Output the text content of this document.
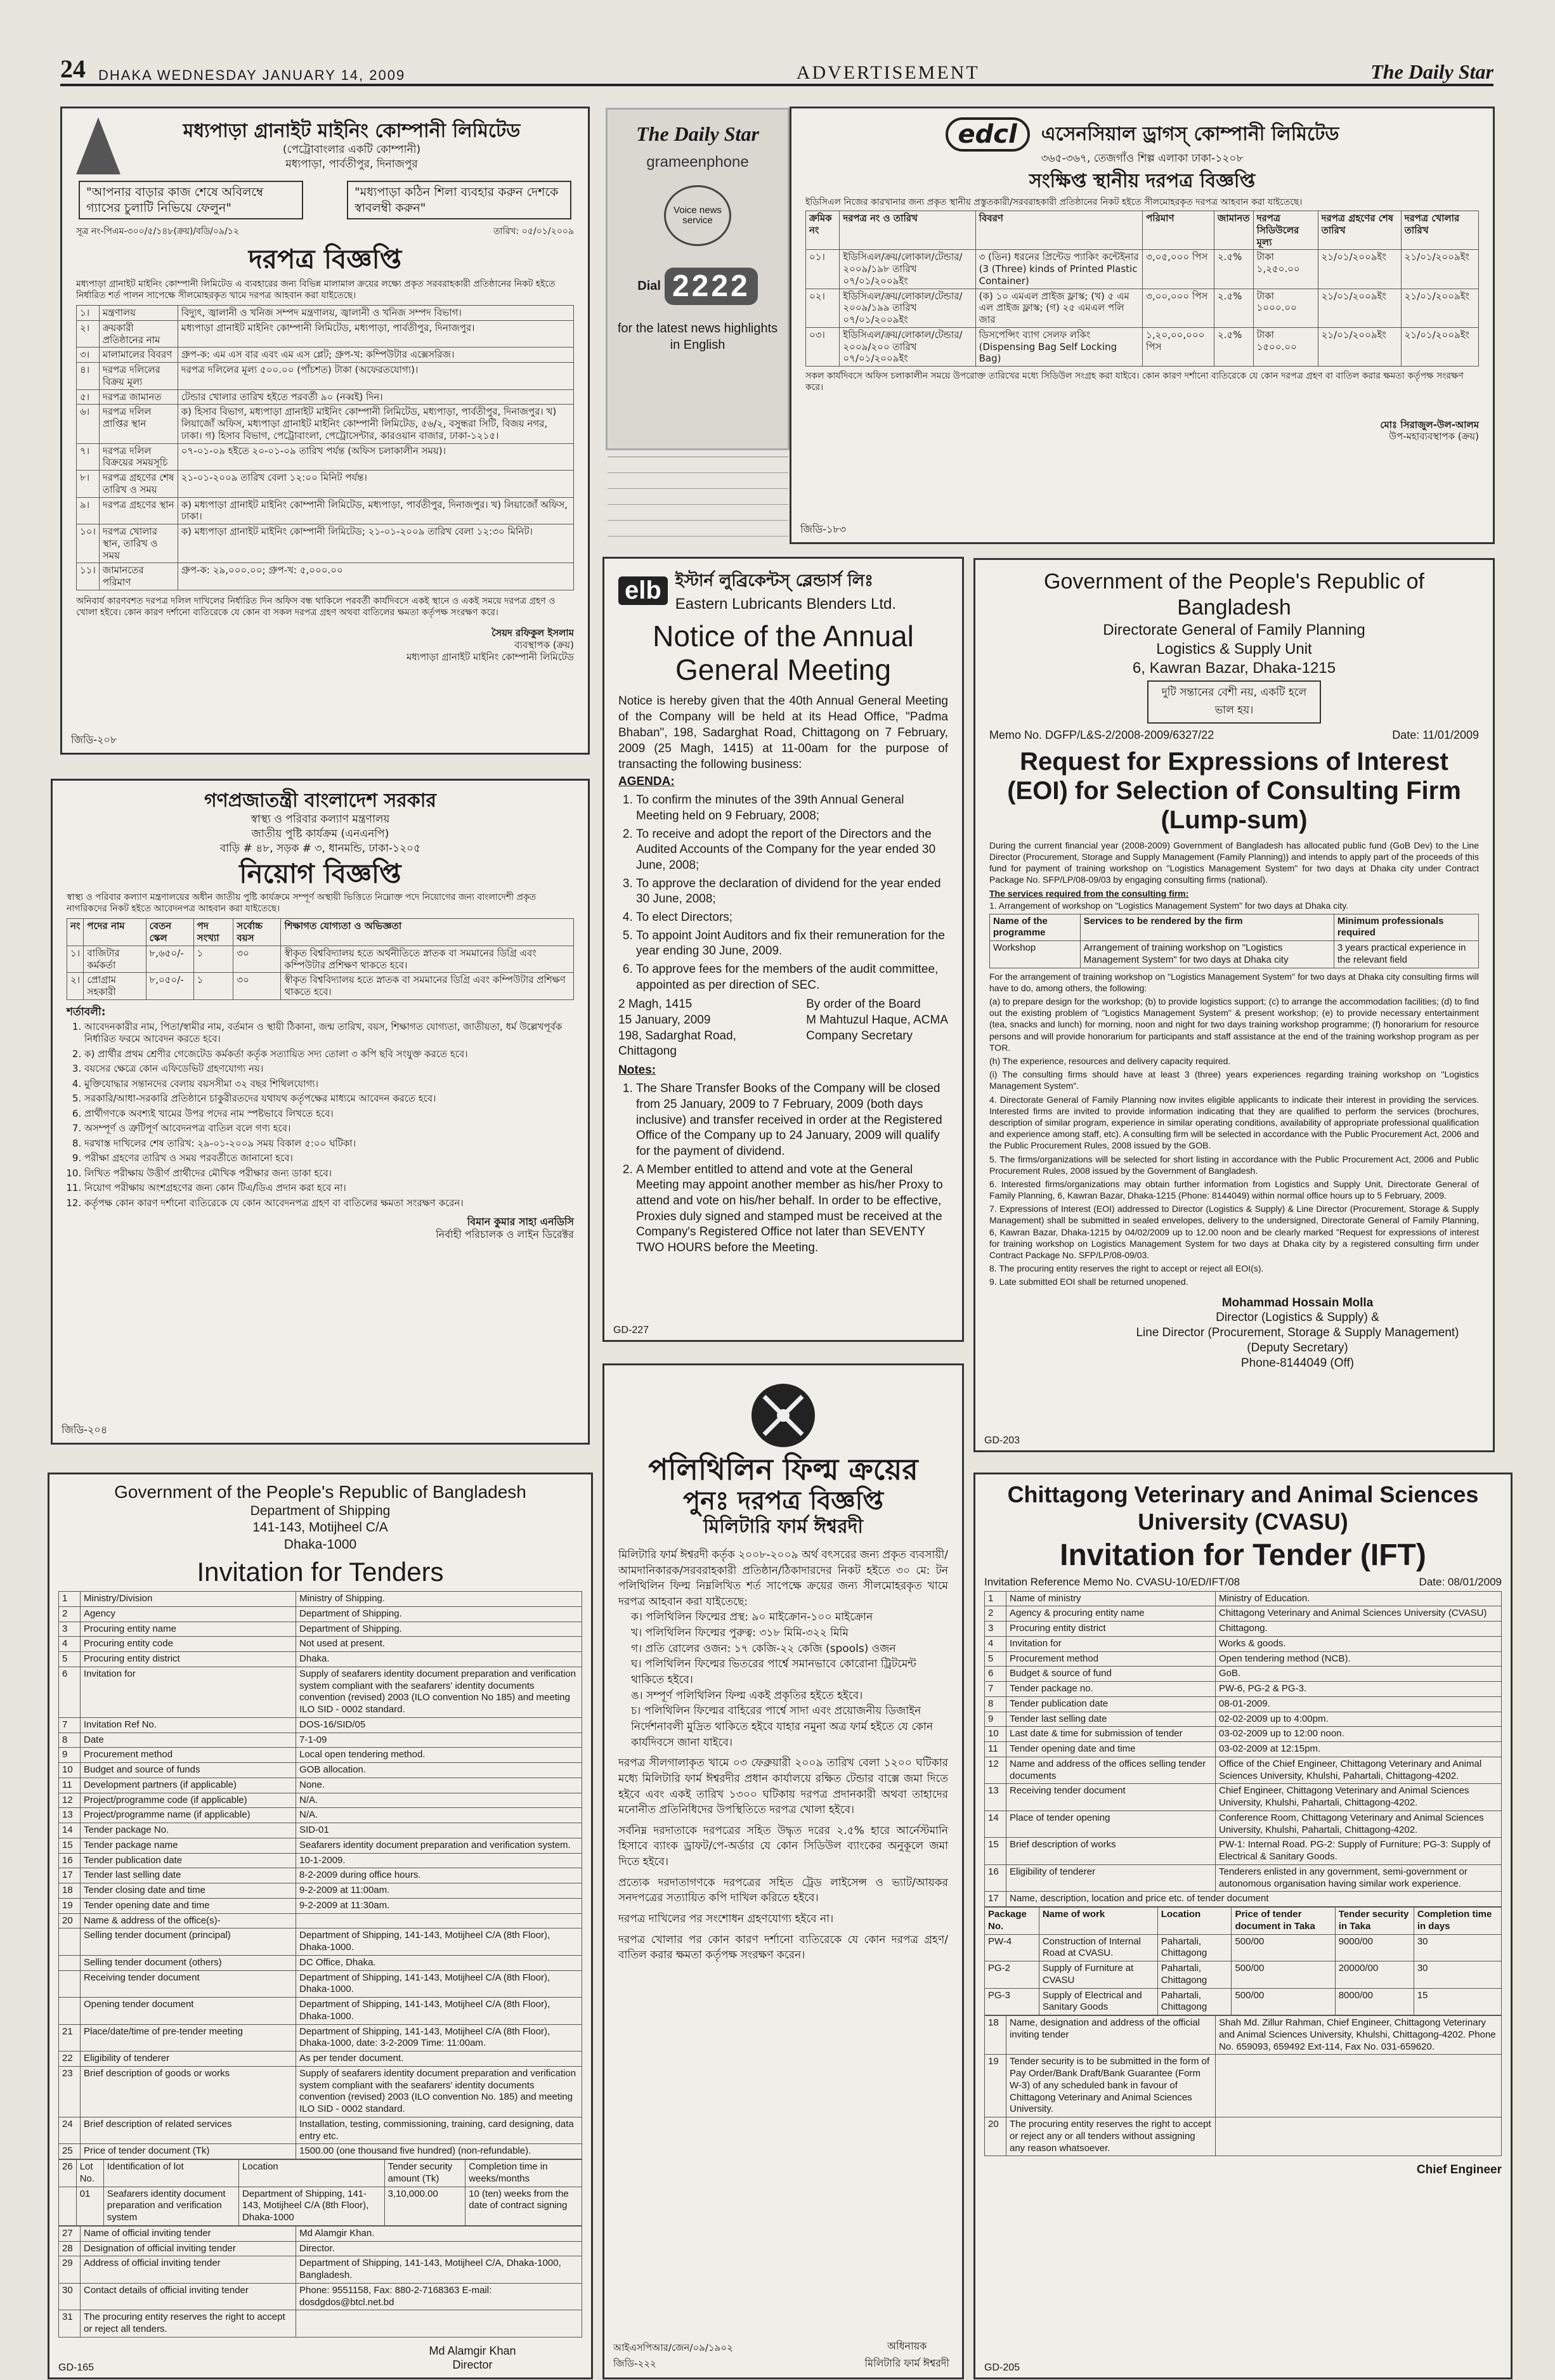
24 DHAKA WEDNESDAY JANUARY 14, 2009	ADVERTISEMENT	The Daily Star
মধ্যপাড়া গ্রানাইট মাইনিং কোম্পানী লিমিটেড
(পেট্রোবাংলার একটি কোম্পানী)
মধ্যপাড়া, পার্বতীপুর, দিনাজপুর
"আপনার বাড়ার কাজ শেষে অবিলম্বে গ্যাসের চুলাটি নিভিয়ে ফেলুন"
"মধ্যপাড়া কঠিন শিলা ব্যবহার করুন দেশকে স্বাবলম্বী করুন"
সূত্র নং-পিএম-৩০০/৫/১৪৮(ক্রয়)/বডি/০৯/১২	তারিখ: ০৫/০১/২০০৯
দরপত্র বিজ্ঞপ্তি
মধ্যপাড়া গ্রানাইট মাইনিং কোম্পানী লিমিটেড এ ব্যবহারের জন্য বিভিন্ন মালামাল ক্রয়ের লক্ষ্যে প্রকৃত সরবরাহকারী প্রতিষ্ঠানের নিকট হইতে নির্ধারিত শর্ত পালন সাপেক্ষে সীলমোহরকৃত খামে দরপত্র আহবান করা যাইতেছে।
১।	মন্ত্রণালয়	বিদ্যুৎ, জ্বালানী ও খনিজ সম্পদ মন্ত্রণালয়, জ্বালানী ও খনিজ সম্পদ বিভাগ।
২।	ক্রয়কারী প্রতিষ্ঠানের নাম	মধ্যপাড়া গ্রানাইট মাইনিং কোম্পানী লিমিটেড, মধ্যপাড়া, পার্বতীপুর, দিনাজপুর।
৩।	মালামালের বিবরণ	গ্রুপ-ক: এম এস বার এবং এম এস প্লেট; গ্রুপ-খ: কম্পিউটার এক্সেসরিজ।
৪।	দরপত্র দলিলের বিক্রয় মূল্য	দরপত্র দলিলের মূল্য ৫০০.০০ (পাঁচশত) টাকা (অফেরতযোগ্য)।
৫।	দরপত্র জামানত	টেন্ডার খোলার তারিখ হইতে পরবর্তী ৯০ (নব্বই) দিন।
৬।	দরপত্র দলিল প্রাপ্তির স্থান	ক) হিসাব বিভাগ, মধ্যপাড়া গ্রানাইট মাইনিং কোম্পানী লিমিটেড, মধ্যপাড়া, পার্বতীপুর, দিনাজপুর। খ) লিয়াজোঁ অফিস, মধ্যপাড়া গ্রানাইট মাইনিং কোম্পানী লিমিটেড, ৫৬/২, বসুন্ধরা সিটি, বিজয় নগর, ঢাকা। গ) হিসাব বিভাগ, পেট্রোবাংলা, পেট্রোসেন্টার, কারওয়ান বাজার, ঢাকা-১২১৫।
৭।	দরপত্র দলিল বিক্রয়ের সময়সূচি	০৭-০১-০৯ হইতে ২০-০১-০৯ তারিখ পর্যন্ত (অফিস চলাকালীন সময়)।
৮।	দরপত্র গ্রহণের শেষ তারিখ ও সময়	২১-০১-২০০৯ তারিখ বেলা ১২:০০ মিনিট পর্যন্ত।
৯।	দরপত্র গ্রহণের স্থান	ক) মধ্যপাড়া গ্রানাইট মাইনিং কোম্পানী লিমিটেড, মধ্যপাড়া, পার্বতীপুর, দিনাজপুর। খ) লিয়াজোঁ অফিস, ঢাকা।
১০।	দরপত্র খোলার স্থান, তারিখ ও সময়	ক) মধ্যপাড়া গ্রানাইট মাইনিং কোম্পানী লিমিটেড; ২১-০১-২০০৯ তারিখ বেলা ১২:৩০ মিনিট।
১১।	জামানতের পরিমাণ	গ্রুপ-ক: ২৯,০০০.০০; গ্রুপ-খ: ৫,০০০.০০
অনিবার্য কারণবশত দরপত্র দলিল দাখিলের নির্ধারিত দিন অফিস বন্ধ থাকিলে পরবর্তী কার্যদিবসে একই স্থানে ও একই সময়ে দরপত্র গ্রহণ ও খোলা হইবে। কোন কারণ দর্শানো ব্যতিরেকে যে কোন বা সকল দরপত্র গ্রহণ অথবা বাতিলের ক্ষমতা কর্তৃপক্ষ সংরক্ষণ করে।
সৈয়দ রফিকুল ইসলাম
ব্যবস্থাপক (ক্রয়)
মধ্যপাড়া গ্রানাইট মাইনিং কোম্পানী লিমিটেড
জিডি-২০৮
The Daily Star
grameenphone
Voice news service
Dial 2222
for the latest news highlights in English
edcl	এসেনসিয়াল ড্রাগস্ কোম্পানী লিমিটেড
৩৬৫-৩৬৭, তেজগাঁও শিল্প এলাকা ঢাকা-১২০৮
সংক্ষিপ্ত স্থানীয় দরপত্র বিজ্ঞপ্তি
ইডিসিএল নিজের কারখানার জন্য প্রকৃত স্থানীয় প্রস্তুতকারী/সরবরাহকারী প্রতিষ্ঠানের নিকট হইতে সীলমোহরকৃত দরপত্র আহবান করা যাইতেছে।
ক্রমিক নং	দরপত্র নং ও তারিখ	বিবরণ	পরিমাণ	জামানত	দরপত্র সিডিউলের মূল্য	দরপত্র গ্রহণের শেষ তারিখ	দরপত্র খোলার তারিখ
০১।	ইডিসিএল/ক্রয়/লোকাল/টেন্ডার/২০০৯/১৯৮ তারিখ ০৭/০১/২০০৯ইং	৩ (তিন) ধরনের প্রিন্টেড প্যাকিং কন্টেইনার (3 (Three) kinds of Printed Plastic Container)	৩,০৫,০০০ পিস	২.৫%	টাকা ১,২৫০.০০	২১/০১/২০০৯ইং	২১/০১/২০০৯ইং
০২।	ইডিসিএল/ক্রয়/লোকাল/টেন্ডার/২০০৯/১৯৯ তারিখ ০৭/০১/২০০৯ইং	(ক) ১০ এমএল প্রাইজ ফ্লাস্ক; (খ) ৫ এম এল প্রাইজ ফ্লাস্ক; (গ) ২৫ এমএল পলি জার	৩,০০,০০০ পিস	২.৫%	টাকা ১০০০.০০	২১/০১/২০০৯ইং	২১/০১/২০০৯ইং
০৩।	ইডিসিএল/ক্রয়/লোকাল/টেন্ডার/২০০৯/২০০ তারিখ ০৭/০১/২০০৯ইং	ডিসপেন্সিং ব্যাগ সেলফ লকিং (Dispensing Bag Self Locking Bag)	১,২০,০০,০০০ পিস	২.৫%	টাকা ১৫০০.০০	২১/০১/২০০৯ইং	২১/০১/২০০৯ইং
সকল কার্যদিবসে অফিস চলাকালীন সময়ে উপরোক্ত তারিখের মধ্যে সিডিউল সংগ্রহ করা যাইবে। কোন কারণ দর্শানো ব্যতিরেকে যে কোন দরপত্র গ্রহণ বা বাতিল করার ক্ষমতা কর্তৃপক্ষ সংরক্ষণ করে।
মোঃ সিরাজুল-উল-আলম
উপ-মহাব্যবস্থাপক (ক্রয়)
জিডি-১৮৩
গণপ্রজাতন্ত্রী বাংলাদেশ সরকার
স্বাস্থ্য ও পরিবার কল্যাণ মন্ত্রণালয়
জাতীয় পুষ্টি কার্যক্রম (এনএনপি)
বাড়ি # ৪৮, সড়ক # ৩, ধানমন্ডি, ঢাকা-১২০৫
নিয়োগ বিজ্ঞপ্তি
স্বাস্থ্য ও পরিবার কল্যাণ মন্ত্রণালয়ের অধীন জাতীয় পুষ্টি কার্যক্রমে সম্পূর্ণ অস্থায়ী ভিত্তিতে নিম্নোক্ত পদে নিয়োগের জন্য বাংলাদেশী প্রকৃত নাগরিকদের নিকট হইতে আবেদনপত্র আহবান করা যাইতেছে।
নং	পদের নাম	বেতন স্কেল	পদ সংখ্যা	সর্বোচ্চ বয়স	শিক্ষাগত যোগ্যতা ও অভিজ্ঞতা
১।	বাজিটার কর্মকর্তা	৮,৬৫০/-	১	৩০	স্বীকৃত বিশ্ববিদ্যালয় হতে অর্থনীতিতে স্নাতক বা সমমানের ডিগ্রি এবং কম্পিউটার প্রশিক্ষণ থাকতে হবে।
২।	প্রোগ্রাম সহকারী	৮,০৫০/-	১	৩০	স্বীকৃত বিশ্ববিদ্যালয় হতে স্নাতক বা সমমানের ডিগ্রি এবং কম্পিউটার প্রশিক্ষণ থাকতে হবে।
শর্তাবলী:
1. আবেদনকারীর নাম, পিতা/স্বামীর নাম, বর্তমান ও স্থায়ী ঠিকানা, জন্ম তারিখ, বয়স, শিক্ষাগত যোগ্যতা, জাতীয়তা, ধর্ম উল্লেখপূর্বক নির্ধারিত ফরমে আবেদন করতে হবে।
2. ক) প্রার্থীর প্রথম শ্রেণীর গেজেটেড কর্মকর্তা কর্তৃক সত্যায়িত সদ্য তোলা ৩ কপি ছবি সংযুক্ত করতে হবে।
3. বয়সের ক্ষেত্রে কোন এফিডেভিট গ্রহণযোগ্য নয়।
4. মুক্তিযোদ্ধার সন্তানদের বেলায় বয়সসীমা ৩২ বছর শিথিলযোগ্য।
5. সরকারি/আধা-সরকারি প্রতিষ্ঠানে চাকুরীরতদের যথাযথ কর্তৃপক্ষের মাধ্যমে আবেদন করতে হবে।
6. প্রার্থীগণকে অবশ্যই খামের উপর পদের নাম স্পষ্টভাবে লিখতে হবে।
7. অসম্পূর্ণ ও ত্রুটিপূর্ণ আবেদনপত্র বাতিল বলে গণ্য হবে।
8. দরখাস্ত দাখিলের শেষ তারিখ: ২৯-০১-২০০৯ সময় বিকাল ৫:০০ ঘটিকা।
9. পরীক্ষা গ্রহণের তারিখ ও সময় পরবর্তীতে জানানো হবে।
10. লিখিত পরীক্ষায় উত্তীর্ণ প্রার্থীদের মৌখিক পরীক্ষার জন্য ডাকা হবে।
11. নিয়োগ পরীক্ষায় অংশগ্রহণের জন্য কোন টিএ/ডিএ প্রদান করা হবে না।
12. কর্তৃপক্ষ কোন কারণ দর্শানো ব্যতিরেকে যে কোন আবেদনপত্র গ্রহণ বা বাতিলের ক্ষমতা সংরক্ষণ করেন।
বিমান কুমার সাহা এনডিসি
নির্বাহী পরিচালক ও লাইন ডিরেক্টর
জিডি-২০৪
elb ইস্টার্ন লুব্রিকেন্টস্ ব্লেন্ডার্স লিঃ
Eastern Lubricants Blenders Ltd.
Notice of the Annual General Meeting
Notice is hereby given that the 40th Annual General Meeting of the Company will be held at its Head Office, "Padma Bhaban", 198, Sadarghat Road, Chittagong on 7 February, 2009 (25 Magh, 1415) at 11-00am for the purpose of transacting the following business:
AGENDA:
1. To confirm the minutes of the 39th Annual General Meeting held on 9 February, 2008;
2. To receive and adopt the report of the Directors and the Audited Accounts of the Company for the year ended 30 June, 2008;
3. To approve the declaration of dividend for the year ended 30 June, 2008;
4. To elect Directors;
5. To appoint Joint Auditors and fix their remuneration for the year ending 30 June, 2009.
6. To approve fees for the members of the audit committee, appointed as per direction of SEC.
2 Magh, 1415
15 January, 2009
198, Sadarghat Road,
Chittagong
By order of the Board
M Mahtuzul Haque, ACMA
Company Secretary
Notes:
1. The Share Transfer Books of the Company will be closed from 25 January, 2009 to 7 February, 2009 (both days inclusive) and transfer received in order at the Registered Office of the Company up to 24 January, 2009 will qualify for the payment of dividend.
2. A Member entitled to attend and vote at the General Meeting may appoint another member as his/her Proxy to attend and vote on his/her behalf. In order to be effective, Proxies duly signed and stamped must be received at the Company's Registered Office not later than SEVENTY TWO HOURS before the Meeting.
GD-227
Government of the People's Republic of Bangladesh
Directorate General of Family Planning
Logistics & Supply Unit
6, Kawran Bazar, Dhaka-1215
দুটি সন্তানের বেশী নয়, একটি হলে ভাল হয়।
Memo No. DGFP/L&S-2/2008-2009/6327/22	Date: 11/01/2009
Request for Expressions of Interest (EOI) for Selection of Consulting Firm (Lump-sum)
During the current financial year (2008-2009) Government of Bangladesh has allocated public fund (GoB Dev) to the Line Director (Procurement, Storage and Supply Management (Family Planning)) and intends to apply part of the proceeds of this fund for payment of training workshop on "Logistics Management System" for two days at Dhaka city under Contract Package No. SFP/LP/08-09/03 by engaging consulting firms (national).
The services required from the consulting firm:
1. Arrangement of workshop on "Logistics Management System" for two days at Dhaka city.
Name of the programme	Services to be rendered by the firm	Minimum professionals required
Workshop	Arrangement of training workshop on "Logistics Management System" for two days at Dhaka city	3 years practical experience in the relevant field
For the arrangement of training workshop on "Logistics Management System" for two days at Dhaka city consulting firms will have to do, among others, the following:
(a) to prepare design for the workshop; (b) to provide logistics support; (c) to arrange the accommodation facilities; (d) to find out the existing problem of "Logistics Management System" & present workshop; (e) to provide necessary entertainment (tea, snacks and lunch) for morning, noon and night for two days training workshop programme; (f) honorarium for resource persons and will provide honorarium for participants and staff assistance at the end of the training workshop program as per TOR.
(h) The experience, resources and delivery capacity required.
(i) The consulting firms should have at least 3 (three) years experiences regarding training workshop on "Logistics Management System".
4. Directorate General of Family Planning now invites eligible applicants to indicate their interest in providing the services. Interested firms are invited to provide information indicating that they are qualified to perform the services (brochures, description of similar program, experience in similar operating conditions, availability of appropriate professional qualification and experience among staff, etc). A consulting firm will be selected in accordance with the Public Procurement Act, 2006 and the Public Procurement Rules, 2008 issued by the GOB.
5. The firms/organizations will be selected for short listing in accordance with the Public Procurement Act, 2006 and Public Procurement Rules, 2008 issued by the Government of Bangladesh.
6. Interested firms/organizations may obtain further information from Logistics and Supply Unit, Directorate General of Family Planning, 6, Kawran Bazar, Dhaka-1215 (Phone: 8144049) within normal office hours up to 5 February, 2009.
7. Expressions of Interest (EOI) addressed to Director (Logistics & Supply) & Line Director (Procurement, Storage & Supply Management) shall be submitted in sealed envelopes, delivery to the undersigned, Directorate General of Family Planning, 6, Kawran Bazar, Dhaka-1215 by 04/02/2009 up to 12.00 noon and be clearly marked "Request for expressions of interest for training workshop on Logistics Management System for two days at Dhaka city by a registered consulting firm under Contract Package No. SFP/LP/08-09/03.
8. The procuring entity reserves the right to accept or reject all EOI(s).
9. Late submitted EOI shall be returned unopened.
Mohammad Hossain Molla
Director (Logistics & Supply) &
Line Director (Procurement, Storage & Supply Management)
(Deputy Secretary)
Phone-8144049 (Off)
GD-203
Government of the People's Republic of Bangladesh
Department of Shipping
141-143, Motijheel C/A
Dhaka-1000
Invitation for Tenders
1	Ministry/Division	Ministry of Shipping.
2	Agency	Department of Shipping.
3	Procuring entity name	Department of Shipping.
4	Procuring entity code	Not used at present.
5	Procuring entity district	Dhaka.
6	Invitation for	Supply of seafarers identity document preparation and verification system compliant with the seafarers' identity documents convention (revised) 2003 (ILO convention No 185) and meeting ILO SID - 0002 standard.
7	Invitation Ref No.	DOS-16/SID/05
8	Date	7-1-09
9	Procurement method	Local open tendering method.
10	Budget and source of funds	GOB allocation.
11	Development partners (if applicable)	None.
12	Project/programme code (if applicable)	N/A.
13	Project/programme name (if applicable)	N/A.
14	Tender package No.	SID-01
15	Tender package name	Seafarers identity document preparation and verification system.
16	Tender publication date	10-1-2009.
17	Tender last selling date	8-2-2009 during office hours.
18	Tender closing date and time	9-2-2009 at 11:00am.
19	Tender opening date and time	9-2-2009 at 11:30am.
20	Name & address of the office(s)-	
	Selling tender document (principal)	Department of Shipping, 141-143, Motijheel C/A (8th Floor), Dhaka-1000.
	Selling tender document (others)	DC Office, Dhaka.
	Receiving tender document	Department of Shipping, 141-143, Motijheel C/A (8th Floor), Dhaka-1000.
	Opening tender document	Department of Shipping, 141-143, Motijheel C/A (8th Floor), Dhaka-1000.
21	Place/date/time of pre-tender meeting	Department of Shipping, 141-143, Motijheel C/A (8th Floor), Dhaka-1000, date: 3-2-2009 Time: 11:00am.
22	Eligibility of tenderer	As per tender document.
23	Brief description of goods or works	Supply of seafarers identity document preparation and verification system compliant with the seafarers' identity documents convention (revised) 2003 (ILO convention No. 185) and meeting ILO SID - 0002 standard.
24	Brief description of related services	Installation, testing, commissioning, training, card designing, data entry etc.
25	Price of tender document (Tk)	1500.00 (one thousand five hundred) (non-refundable).
26	Lot No.	Identification of lot	Location	Tender security amount (Tk)	Completion time in weeks/months
	01	Seafarers identity document preparation and verification system	Department of Shipping, 141-143, Motijheel C/A (8th Floor), Dhaka-1000	3,10,000.00	10 (ten) weeks from the date of contract signing
27	Name of official inviting tender	Md Alamgir Khan.
28	Designation of official inviting tender	Director.
29	Address of official inviting tender	Department of Shipping, 141-143, Motijheel C/A, Dhaka-1000, Bangladesh.
30	Contact details of official inviting tender	Phone: 9551158, Fax: 880-2-7168363 E-mail: dosdgdos@btcl.net.bd
31	The procuring entity reserves the right to accept or reject all tenders.	
Md Alamgir Khan
Director
GD-165
পলিথিলিন ফিল্ম ক্রয়ের
পুনঃ দরপত্র বিজ্ঞপ্তি
মিলিটারি ফার্ম ঈশ্বরদী
মিলিটারি ফার্ম ঈশ্বরদী কর্তৃক ২০০৮-২০০৯ অর্থ বৎসরের জন্য প্রকৃত ব্যবসায়ী/আমদানিকারক/সরবরাহকারী প্রতিষ্ঠান/ঠিকাদারদের নিকট হইতে ৩০ মে: টন পলিথিলিন ফিল্ম নিম্নলিখিত শর্ত সাপেক্ষে ক্রয়ের জন্য সীলমোহরকৃত খামে দরপত্র আহবান করা যাইতেছে:
ক। পলিথিলিন ফিল্মের প্রস্থ: ৯০ মাইক্রোন-১০০ মাইক্রোন
খ। পলিথিলিন ফিল্মের পুরুত্ব: ৩১৮ মিমি-৩২২ মিমি
গ। প্রতি রোলের ওজন: ১৭ কেজি-২২ কেজি (spools) ওজন
ঘ। পলিথিলিন ফিল্মের ভিতরের পার্শ্বে সমানভাবে কোরোনা ট্রিটমেন্ট থাকিতে হইবে।
ঙ। সম্পূর্ণ পলিথিলিন ফিল্ম একই প্রকৃতির হইতে হইবে।
চ। পলিথিলিন ফিল্মের বাহিরের পার্শ্বে সাদা এবং প্রয়োজনীয় ডিজাইন নির্দেশনাবলী মুদ্রিত থাকিতে হইবে যাহার নমুনা অত্র ফার্ম হইতে যে কোন কার্যদিবসে জানা যাইবে।
দরপত্র সীলগালাকৃত খামে ০৩ ফেব্রুয়ারী ২০০৯ তারিখ বেলা ১২০০ ঘটিকার মধ্যে মিলিটারি ফার্ম ঈশ্বরদীর প্রধান কার্যালয়ে রক্ষিত টেন্ডার বাক্সে জমা দিতে হইবে এবং একই তারিখ ১৩০০ ঘটিকায় দরপত্র প্রদানকারী অথবা তাহাদের মনোনীত প্রতিনিধিদের উপস্থিতিতে দরপত্র খোলা হইবে।
সর্বনিম্ন দরদাতাকে দরপত্রের সহিত উদ্ধৃত দরের ২.৫% হারে আর্নেস্টমানি হিসাবে ব্যাংক ড্রাফট/পে-অর্ডার যে কোন সিডিউল ব্যাংকের অনুকূলে জমা দিতে হইবে।
প্রত্যেক দরদাতাগণকে দরপত্রের সহিত ট্রেড লাইসেন্স ও ভ্যাট/আয়কর সনদপত্রের সত্যায়িত কপি দাখিল করিতে হইবে।
দরপত্র দাখিলের পর সংশোধন গ্রহণযোগ্য হইবে না।
দরপত্র খোলার পর কোন কারণ দর্শানো ব্যতিরেকে যে কোন দরপত্র গ্রহণ/বাতিল করার ক্ষমতা কর্তৃপক্ষ সংরক্ষণ করেন।
আইএসপিআর/জেন/০৯/১৯০২
জিডি-২২২
অধিনায়ক
মিলিটারি ফার্ম ঈশ্বরদী
Chittagong Veterinary and Animal Sciences University (CVASU)
Invitation for Tender (IFT)
Invitation Reference Memo No. CVASU-10/ED/IFT/08	Date: 08/01/2009
1	Name of ministry	Ministry of Education.
2	Agency & procuring entity name	Chittagong Veterinary and Animal Sciences University (CVASU)
3	Procuring entity district	Chittagong.
4	Invitation for	Works & goods.
5	Procurement method	Open tendering method (NCB).
6	Budget & source of fund	GoB.
7	Tender package no.	PW-6, PG-2 & PG-3.
8	Tender publication date	08-01-2009.
9	Tender last selling date	02-02-2009 up to 4:00pm.
10	Last date & time for submission of tender	03-02-2009 up to 12:00 noon.
11	Tender opening date and time	03-02-2009 at 12:15pm.
12	Name and address of the offices selling tender documents	Office of the Chief Engineer, Chittagong Veterinary and Animal Sciences University, Khulshi, Pahartali, Chittagong-4202.
13	Receiving tender document	Chief Engineer, Chittagong Veterinary and Animal Sciences University, Khulshi, Pahartali, Chittagong-4202.
14	Place of tender opening	Conference Room, Chittagong Veterinary and Animal Sciences University, Khulshi, Pahartali, Chittagong-4202.
15	Brief description of works	PW-1: Internal Road. PG-2: Supply of Furniture; PG-3: Supply of Electrical & Sanitary Goods.
16	Eligibility of tenderer	Tenderers enlisted in any government, semi-government or autonomous organisation having similar work experience.
17	Name, description, location and price etc. of tender document	
Package No.	Name of work	Location	Price of tender document in Taka	Tender security in Taka	Completion time in days
PW-4	Construction of Internal Road at CVASU.	Pahartali, Chittagong	500/00	9000/00	30
PG-2	Supply of Furniture at CVASU	Pahartali, Chittagong	500/00	20000/00	30
PG-3	Supply of Electrical and Sanitary Goods	Pahartali, Chittagong	500/00	8000/00	15
18	Name, designation and address of the official inviting tender	Shah Md. Zillur Rahman, Chief Engineer, Chittagong Veterinary and Animal Sciences University, Khulshi, Chittagong-4202. Phone No. 659093, 659492 Ext-114, Fax No. 031-659620.
19	Tender security is to be submitted in the form of Pay Order/Bank Draft/Bank Guarantee (Form W-3) of any scheduled bank in favour of Chittagong Veterinary and Animal Sciences University.	
20	The procuring entity reserves the right to accept or reject any or all tenders without assigning any reason whatsoever.	
Chief Engineer
GD-205
